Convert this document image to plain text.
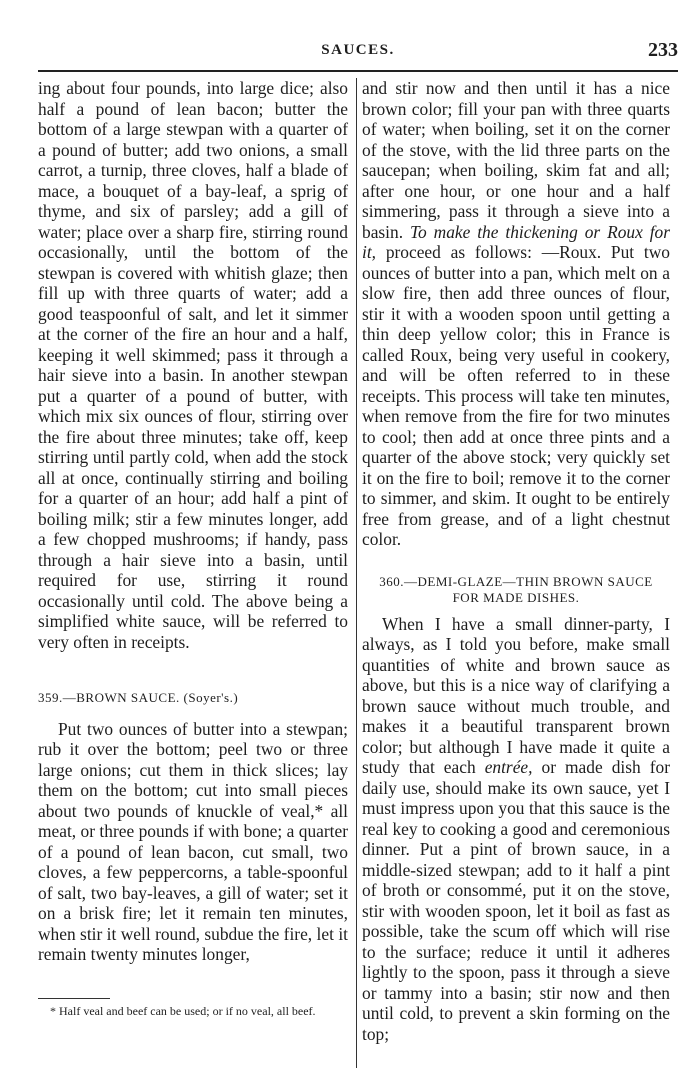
SAUCES.	233

ing about four pounds, into large dice; also half a pound of lean bacon; butter the bottom of a large stewpan with a quarter of a pound of butter; add two onions, a small carrot, a turnip, three cloves, half a blade of mace, a bouquet of a bay-leaf, a sprig of thyme, and six of parsley; add a gill of water; place over a sharp fire, stirring round occasionally, until the bottom of the stewpan is covered with whitish glaze; then fill up with three quarts of water; add a good teaspoonful of salt, and let it simmer at the corner of the fire an hour and a half, keeping it well skimmed; pass it through a hair sieve into a basin. In another stewpan put a quarter of a pound of butter, with which mix six ounces of flour, stirring over the fire about three minutes; take off, keep stirring until partly cold, when add the stock all at once, continually stirring and boiling for a quarter of an hour; add half a pint of boiling milk; stir a few minutes longer, add a few chopped mushrooms; if handy, pass through a hair sieve into a basin, until required for use, stirring it round occasionally until cold. The above being a simplified white sauce, will be referred to very often in receipts.

359.—BROWN SAUCE. (Soyer's.)

Put two ounces of butter into a stewpan; rub it over the bottom; peel two or three large onions; cut them in thick slices; lay them on the bottom; cut into small pieces about two pounds of knuckle of veal,* all meat, or three pounds if with bone; a quarter of a pound of lean bacon, cut small, two cloves, a few peppercorns, a table-spoonful of salt, two bay-leaves, a gill of water; set it on a brisk fire; let it remain ten minutes, when stir it well round, subdue the fire, let it remain twenty minutes longer,

* Half veal and beef can be used; or if no veal, all beef.

and stir now and then until it has a nice brown color; fill your pan with three quarts of water; when boiling, set it on the corner of the stove, with the lid three parts on the saucepan; when boiling, skim fat and all; after one hour, or one hour and a half simmering, pass it through a sieve into a basin. To make the thickening or Roux for it, proceed as follows: —Roux. Put two ounces of butter into a pan, which melt on a slow fire, then add three ounces of flour, stir it with a wooden spoon until getting a thin deep yellow color; this in France is called Roux, being very useful in cookery, and will be often referred to in these receipts. This process will take ten minutes, when remove from the fire for two minutes to cool; then add at once three pints and a quarter of the above stock; very quickly set it on the fire to boil; remove it to the corner to simmer, and skim. It ought to be entirely free from grease, and of a light chestnut color.

360.—DEMI-GLAZE—THIN BROWN SAUCE
FOR MADE DISHES.

When I have a small dinner-party, I always, as I told you before, make small quantities of white and brown sauce as above, but this is a nice way of clarifying a brown sauce without much trouble, and makes it a beautiful transparent brown color; but although I have made it quite a study that each entrée, or made dish for daily use, should make its own sauce, yet I must impress upon you that this sauce is the real key to cooking a good and ceremonious dinner. Put a pint of brown sauce, in a middle-sized stewpan; add to it half a pint of broth or consommé, put it on the stove, stir with wooden spoon, let it boil as fast as possible, take the scum off which will rise to the surface; reduce it until it adheres lightly to the spoon, pass it through a sieve or tammy into a basin; stir now and then until cold, to prevent a skin forming on the top;
